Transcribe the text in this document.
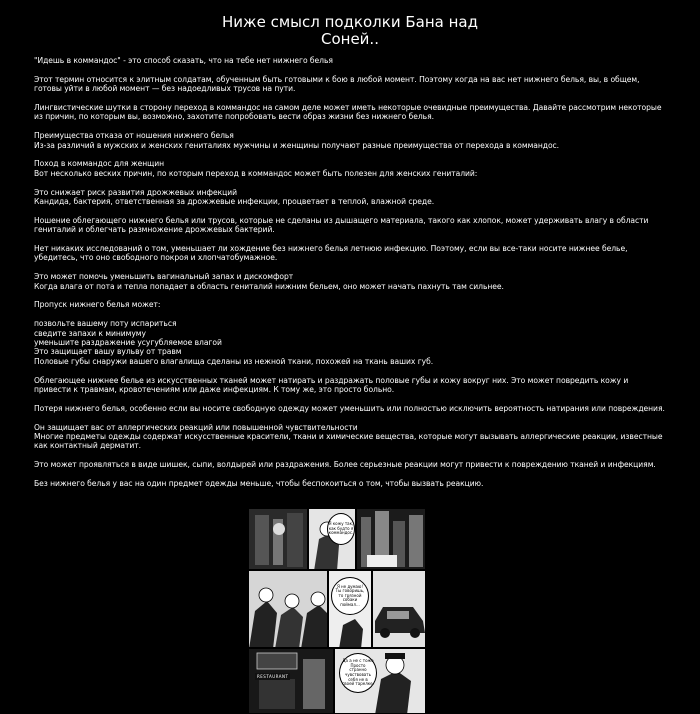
Ниже смысл подколки Бана над
Соней..

"Идешь в коммандос" - это способ сказать, что на тебе нет нижнего белья

Этот термин относится к элитным солдатам, обученным быть готовыми к бою в любой момент. Поэтому когда на вас нет нижнего белья, вы, в общем, готовы уйти в любой момент — без надоедливых трусов на пути.

Лингвистические шутки в сторону переход в коммандос на самом деле может иметь некоторые очевидные преимущества. Давайте рассмотрим некоторые из причин, по которым вы, возможно, захотите попробовать вести образ жизни без нижнего белья.

Преимущества отказа от ношения нижнего белья
Из-за различий в мужских и женских гениталиях мужчины и женщины получают разные преимущества от перехода в коммандос.

Поход в коммандос для женщин
Вот несколько веских причин, по которым переход в коммандос может быть полезен для женских гениталий:

Это снижает риск развития дрожжевых инфекций
Кандида, бактерия, ответственная за дрожжевые инфекции, процветает в теплой, влажной среде.

Ношение облегающего нижнего белья или трусов, которые не сделаны из дышащего материала, такого как хлопок, может удерживать влагу в области гениталий и облегчать размножение дрожжевых бактерий.

Нет никаких исследований о том, уменьшает ли хождение без нижнего белья летнюю инфекцию. Поэтому, если вы все-таки носите нижнее белье, убедитесь, что оно свободного покроя и хлопчатобумажное.

Это может помочь уменьшить вагинальный запах и дискомфорт
Когда влага от пота и тепла попадает в область гениталий нижним бельем, оно может начать пахнуть там сильнее.

Пропуск нижнего белья может:

позвольте вашему поту испариться
сведите запахи к минимуму
уменьшите раздражение усугубляемое влагой
Это защищает вашу вульву от травм
Половые губы снаружи вашего влагалища сделаны из нежной ткани, похожей на ткань ваших губ.

Облегающее нижнее белье из искусственных тканей может натирать и раздражать половые губы и кожу вокруг них. Это может повредить кожу и привести к травмам, кровотечениям или даже инфекциям. К тому же, это просто больно.

Потеря нижнего белья, особенно если вы носите свободную одежду может уменьшить или полностью исключить вероятность натирания или повреждения.

Он защищает вас от аллергических реакций или повышенной чувствительности
Многие предметы одежды содержат искусственные красители, ткани и химические вещества, которые могут вызывать аллергические реакции, известные как контактный дерматит.

Это может проявляться в виде шишек, сыпи, волдырей или раздражения. Более серьезные реакции могут привести к повреждению тканей и инфекциям.

Без нижнего белья у вас на один предмет одежды меньше, чтобы беспокоиться о том, чтобы вызвать реакцию.

Я кожу так, как будто я коммандос.
Я не думаю! Ты говоришь, то грязной собаки поймал...
RESTAURANT
Да а не с тоже Просто странно чувствовать себя не в своей тарелке.
